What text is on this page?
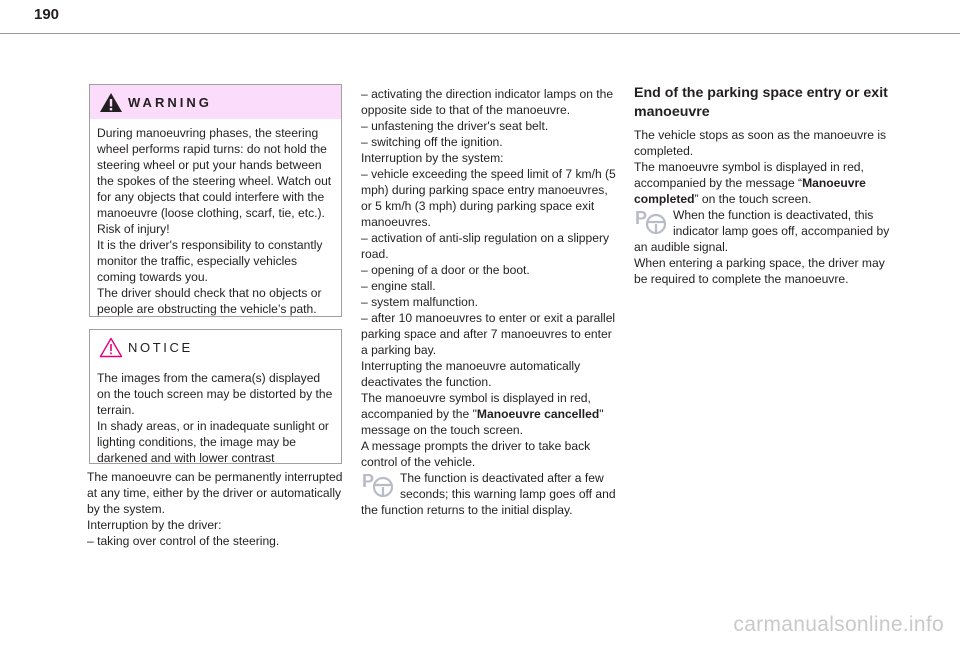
190
WARNING

During manoeuvring phases, the steering wheel performs rapid turns: do not hold the steering wheel or put your hands between the spokes of the steering wheel. Watch out for any objects that could interfere with the manoeuvre (loose clothing, scarf, tie, etc.).

Risk of injury!

It is the driver's responsibility to constantly monitor the traffic, especially vehicles coming towards you.

The driver should check that no objects or people are obstructing the vehicle’s path.

NOTICE

The images from the camera(s) displayed on the touch screen may be distorted by the terrain.

In shady areas, or in inadequate sunlight or lighting conditions, the image may be darkened and with lower contrast

The manoeuvre can be permanently interrupted at any time, either by the driver or automatically by the system.

Interruption by the driver:

– taking over control of the steering.

– activating the direction indicator lamps on the opposite side to that of the manoeuvre.

– unfastening the driver's seat belt.

– switching off the ignition.

Interruption by the system:

– vehicle exceeding the speed limit of 7 km/h (5 mph) during parking space entry manoeuvres, or 5 km/h (3 mph) during parking space exit manoeuvres.

– activation of anti-slip regulation on a slippery road.

– opening of a door or the boot.

– engine stall.

– system malfunction.

– after 10 manoeuvres to enter or exit a parallel parking space and after 7 manoeuvres to enter a parking bay.

Interrupting the manoeuvre automatically deactivates the function.

The manoeuvre symbol is displayed in red, accompanied by the "Manoeuvre cancelled" message on the touch screen.

A message prompts the driver to take back control of the vehicle.

P	The function is deactivated after a few seconds; this warning lamp goes off and the function returns to the initial display.

End of the parking space entry or exit manoeuvre

The vehicle stops as soon as the manoeuvre is completed.

The manoeuvre symbol is displayed in red, accompanied by the message “Manoeuvre completed” on the touch screen.

P	When the function is deactivated, this indicator lamp goes off, accompanied by an audible signal.

When entering a parking space, the driver may be required to complete the manoeuvre.

carmanualsonline.info
